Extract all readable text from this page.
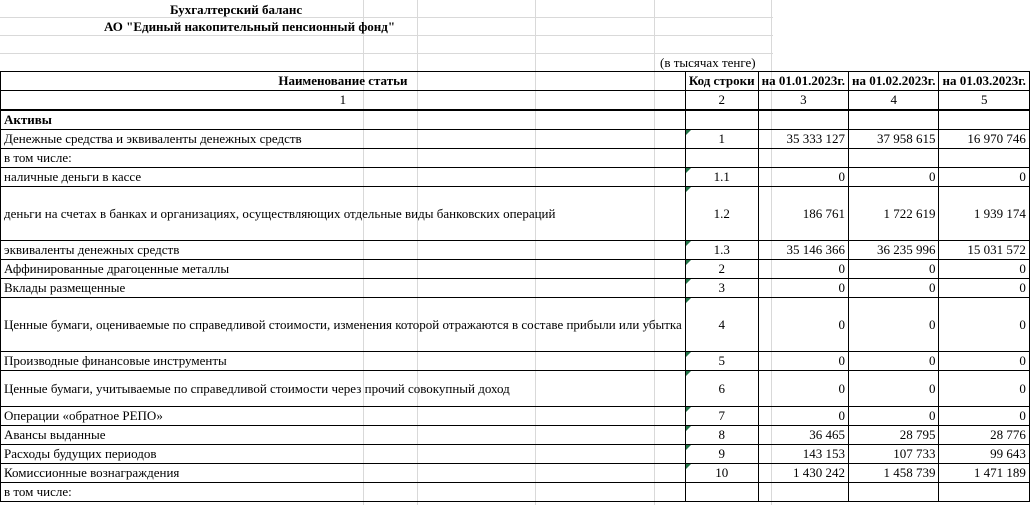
Бухгалтерский баланс
АО "Единый накопительный пенсионный фонд"
(в тысячах тенге)
Наименование статьи	Код строки	на 01.01.2023г.	на 01.02.2023г.	на 01.03.2023г.
1	2	3	4	5
Активы				
Денежные средства и эквиваленты денежных средств	1	35 333 127	37 958 615	16 970 746
в том числе:				
наличные деньги в кассе	1.1	0	0	0
деньги на счетах в банках и организациях, осуществляющих отдельные виды банковских операций	1.2	186 761	1 722 619	1 939 174
эквиваленты денежных средств	1.3	35 146 366	36 235 996	15 031 572
Аффинированные драгоценные металлы	2	0	0	0
Вклады размещенные	3	0	0	0
Ценные бумаги, оцениваемые по справедливой стоимости, изменения которой отражаются в составе прибыли или убытка	4	0	0	0
Производные финансовые инструменты	5	0	0	0
Ценные бумаги, учитываемые по справедливой стоимости через прочий совокупный доход	6	0	0	0
Операции «обратное РЕПО»	7	0	0	0
Авансы выданные	8	36 465	28 795	28 776
Расходы будущих периодов	9	143 153	107 733	99 643
Комиссионные вознаграждения	10	1 430 242	1 458 739	1 471 189
в том числе:				
